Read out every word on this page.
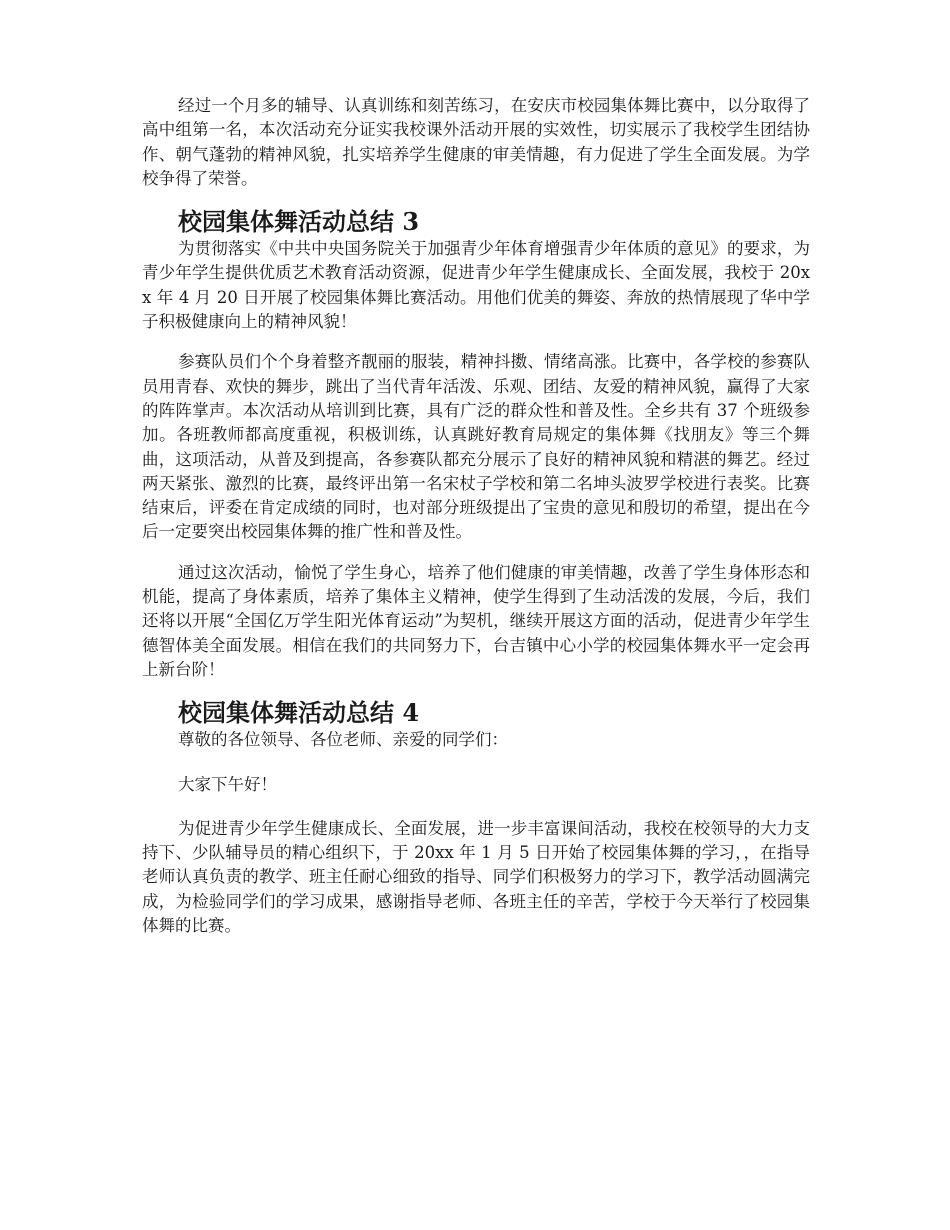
经过一个月多的辅导、认真训练和刻苦练习，在安庆市校园集体舞比赛中，以分取得了高中组第一名，本次活动充分证实我校课外活动开展的实效性，切实展示了我校学生团结协作、朝气蓬勃的精神风貌，扎实培养学生健康的审美情趣，有力促进了学生全面发展。为学校争得了荣誉。

校园集体舞活动总结 3

为贯彻落实《中共中央国务院关于加强青少年体育增强青少年体质的意见》的要求，为青少年学生提供优质艺术教育活动资源，促进青少年学生健康成长、全面发展，我校于 20xx 年 4 月 20 日开展了校园集体舞比赛活动。用他们优美的舞姿、奔放的热情展现了华中学子积极健康向上的精神风貌！

参赛队员们个个身着整齐靓丽的服装，精神抖擞、情绪高涨。比赛中，各学校的参赛队员用青春、欢快的舞步，跳出了当代青年活泼、乐观、团结、友爱的精神风貌，赢得了大家的阵阵掌声。本次活动从培训到比赛，具有广泛的群众性和普及性。全乡共有 37 个班级参加。各班教师都高度重视，积极训练，认真跳好教育局规定的集体舞《找朋友》等三个舞曲，这项活动，从普及到提高，各参赛队都充分展示了良好的精神风貌和精湛的舞艺。经过两天紧张、激烈的比赛，最终评出第一名宋杖子学校和第二名坤头波罗学校进行表奖。比赛结束后，评委在肯定成绩的同时，也对部分班级提出了宝贵的意见和殷切的希望，提出在今后一定要突出校园集体舞的推广性和普及性。

通过这次活动，愉悦了学生身心，培养了他们健康的审美情趣，改善了学生身体形态和机能，提高了身体素质，培养了集体主义精神，使学生得到了生动活泼的发展，今后，我们还将以开展“全国亿万学生阳光体育运动”为契机，继续开展这方面的活动，促进青少年学生德智体美全面发展。相信在我们的共同努力下，台吉镇中心小学的校园集体舞水平一定会再上新台阶！

校园集体舞活动总结 4

尊敬的各位领导、各位老师、亲爱的同学们：

大家下午好！

为促进青少年学生健康成长、全面发展，进一步丰富课间活动，我校在校领导的大力支持下、少队辅导员的精心组织下，于 20xx 年 1 月 5 日开始了校园集体舞的学习，，在指导老师认真负责的教学、班主任耐心细致的指导、同学们积极努力的学习下，教学活动圆满完成，为检验同学们的学习成果，感谢指导老师、各班主任的辛苦，学校于今天举行了校园集体舞的比赛。
